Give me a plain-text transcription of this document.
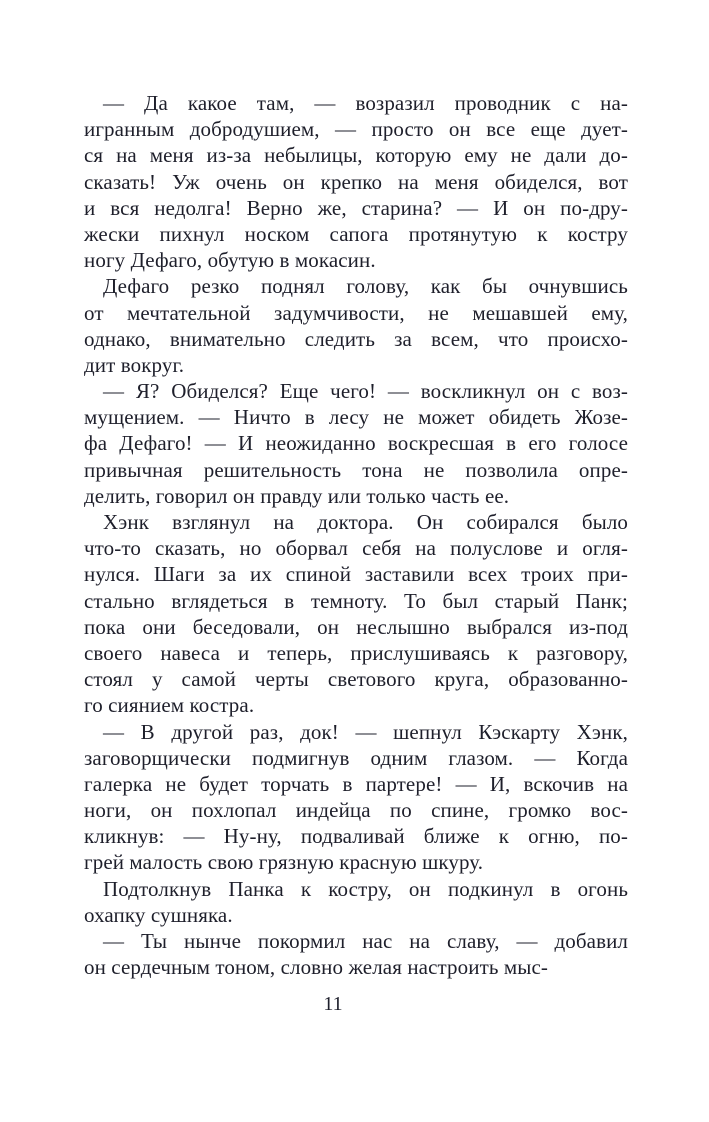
— Да какое там, — возразил проводник с на-
игранным добродушием, — просто он все еще дует-
ся на меня из-за небылицы, которую ему не дали до-
сказать! Уж очень он крепко на меня обиделся, вот
и вся недолга! Верно же, старина? — И он по-дру-
жески пихнул носком сапога протянутую к костру
ногу Дефаго, обутую в мокасин.

Дефаго резко поднял голову, как бы очнувшись
от мечтательной задумчивости, не мешавшей ему,
однако, внимательно следить за всем, что происхо-
дит вокруг.

— Я? Обиделся? Еще чего! — воскликнул он с воз-
мущением. — Ничто в лесу не может обидеть Жозе-
фа Дефаго! — И неожиданно воскресшая в его голосе
привычная решительность тона не позволила опре-
делить, говорил он правду или только часть ее.

Хэнк взглянул на доктора. Он собирался было
что-то сказать, но оборвал себя на полуслове и огля-
нулся. Шаги за их спиной заставили всех троих при-
стально вглядеться в темноту. То был старый Панк;
пока они беседовали, он неслышно выбрался из-под
своего навеса и теперь, прислушиваясь к разговору,
стоял у самой черты светового круга, образованно-
го сиянием костра.

— В другой раз, док! — шепнул Кэскарту Хэнк,
заговорщически подмигнув одним глазом. — Когда
галерка не будет торчать в партере! — И, вскочив на
ноги, он похлопал индейца по спине, громко вос-
кликнув: — Ну-ну, подваливай ближе к огню, по-
грей малость свою грязную красную шкуру.

Подтолкнув Панка к костру, он подкинул в огонь
охапку сушняка.

— Ты нынче покормил нас на славу, — добавил
он сердечным тоном, словно желая настроить мыс-

11
